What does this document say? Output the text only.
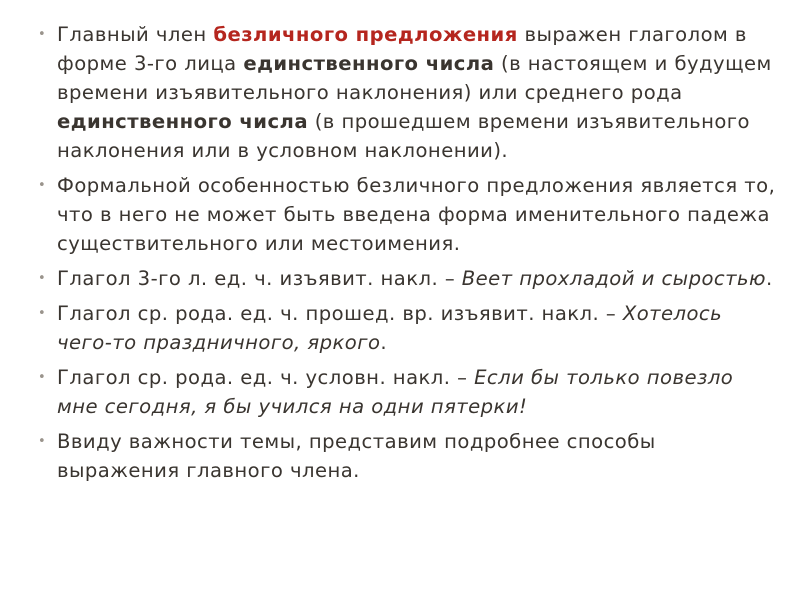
• Главный член безличного предложения выражен глаголом в форме 3-го лица единственного числа (в настоящем и будущем времени изъявительного наклонения) или среднего рода единственного числа (в прошедшем времени изъявительного наклонения или в условном наклонении).
• Формальной особенностью безличного предложения является то, что в него не может быть введена форма именительного падежа существительного или местоимения.
• Глагол 3-го л. ед. ч. изъявит. накл. – Веет прохладой и сыростью.
• Глагол ср. рода. ед. ч. прошед. вр. изъявит. накл. – Хотелось чего-то праздничного, яркого.
• Глагол ср. рода. ед. ч. условн. накл. – Если бы только повезло мне сегодня, я бы учился на одни пятерки!
• Ввиду важности темы, представим подробнее способы выражения главного члена.
